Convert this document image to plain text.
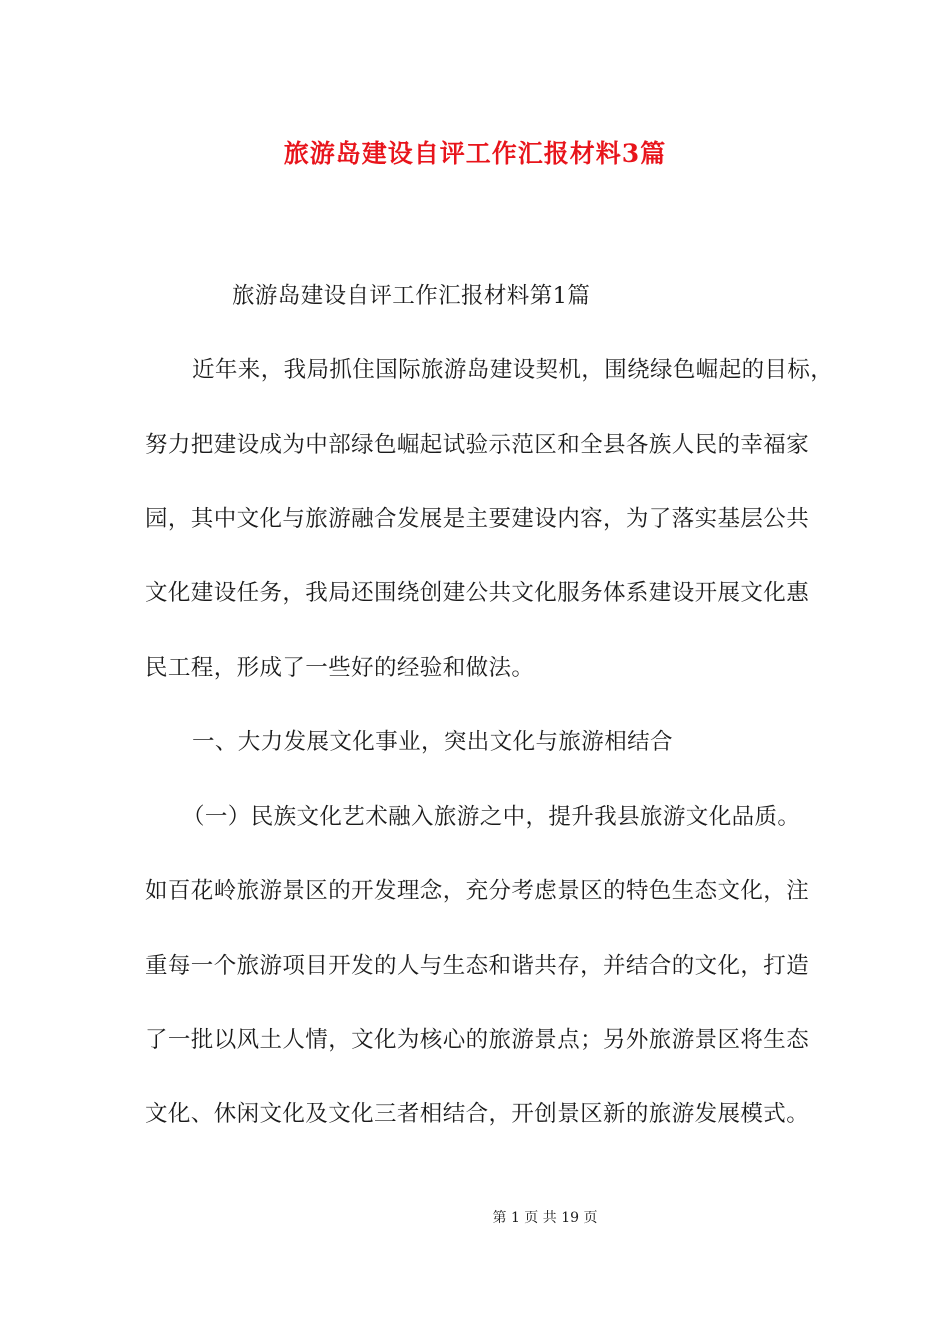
旅游岛建设自评工作汇报材料3篇
旅游岛建设自评工作汇报材料第1篇
近年来，我局抓住国际旅游岛建设契机，围绕绿色崛起的目标，
努力把建设成为中部绿色崛起试验示范区和全县各族人民的幸福家
园，其中文化与旅游融合发展是主要建设内容，为了落实基层公共
文化建设任务，我局还围绕创建公共文化服务体系建设开展文化惠
民工程，形成了一些好的经验和做法。
一、大力发展文化事业，突出文化与旅游相结合
（一）民族文化艺术融入旅游之中，提升我县旅游文化品质。
如百花岭旅游景区的开发理念，充分考虑景区的特色生态文化，注
重每一个旅游项目开发的人与生态和谐共存，并结合的文化，打造
了一批以风土人情，文化为核心的旅游景点；另外旅游景区将生态
文化、休闲文化及文化三者相结合，开创景区新的旅游发展模式。
第 1 页 共 19 页
